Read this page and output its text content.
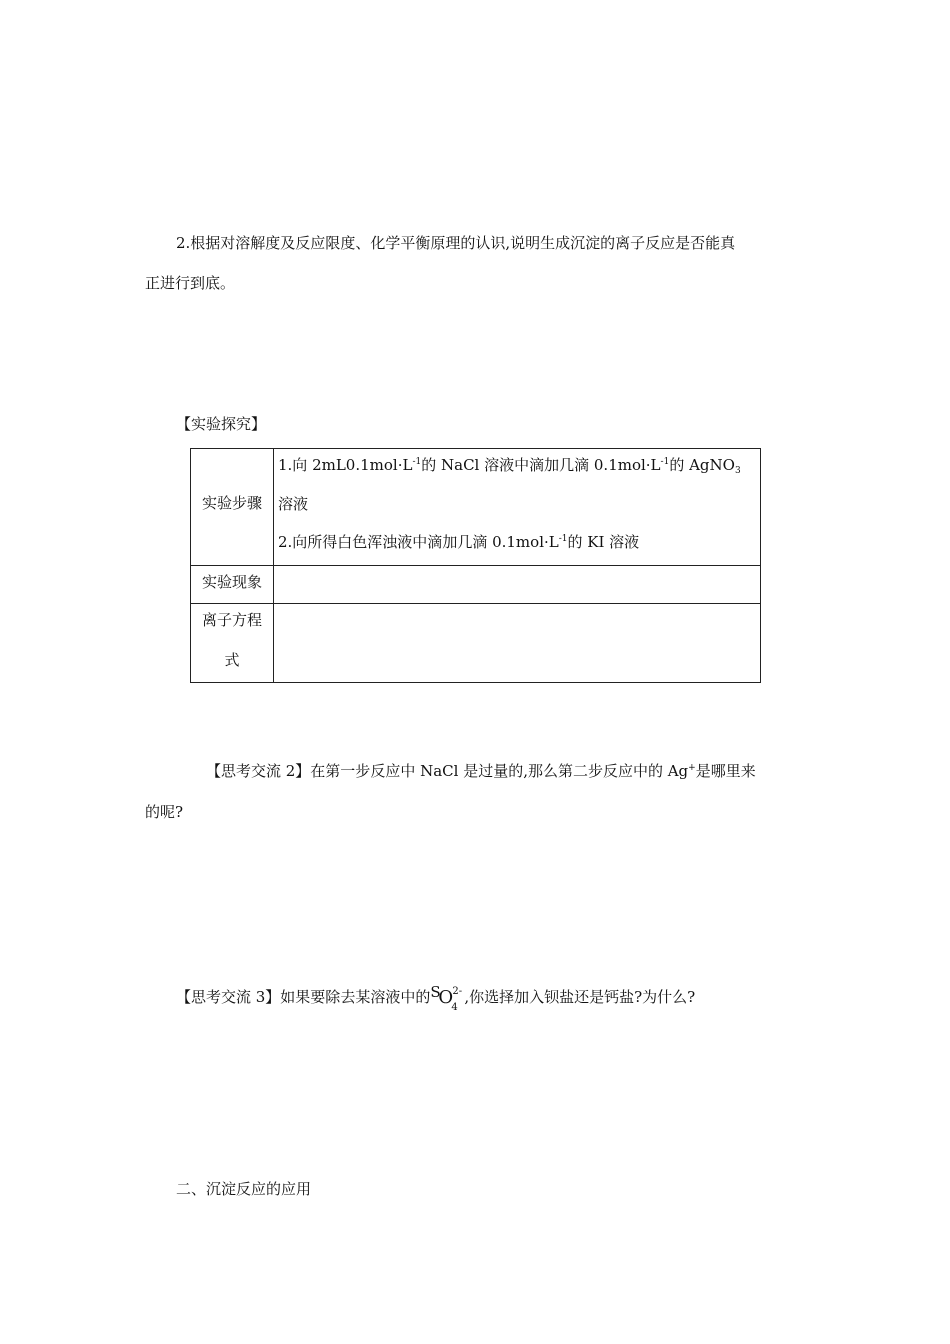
2.根据对溶解度及反应限度、化学平衡原理的认识,说明生成沉淀的离子反应是否能真
正进行到底。
【实验探究】
实验步骤	1.向 $2mL0.1mol\cdot L^{-1}$的 NaCl 溶液中滴加几滴 $0.1mol\cdot L^{-1}$的 AgNO$_3$
溶液
2.向所得白色浑浊液中滴加几滴 $0.1mol\cdot L^{-1}$的 KI 溶液

实验现象	

离子方程
式	

【思考交流 2】在第一步反应中 NaCl 是过量的,那么第二步反应中的 Ag+是哪里来
的呢?
【思考交流 3】如果要除去某溶液中的 S
O
4
2- ,你选择加入钡盐还是钙盐?为什么?
二、沉淀反应的应用
